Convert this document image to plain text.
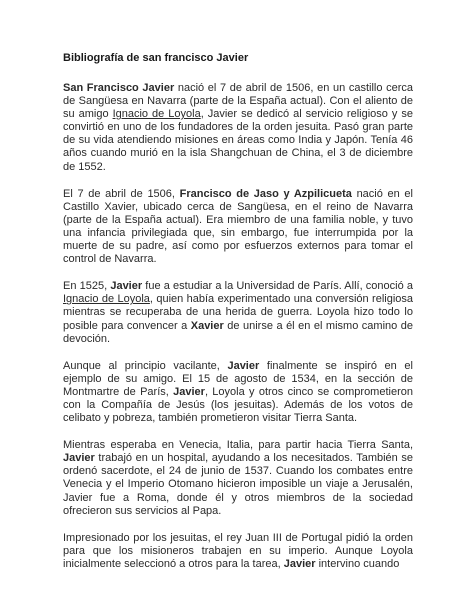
Bibliografía de san francisco Javier

San Francisco Javier nació el 7 de abril de 1506, en un castillo cerca de Sangüesa en Navarra (parte de la España actual). Con el aliento de su amigo Ignacio de Loyola, Javier se dedicó al servicio religioso y se convirtió en uno de los fundadores de la orden jesuita. Pasó gran parte de su vida atendiendo misiones en áreas como India y Japón. Tenía 46 años cuando murió en la isla Shangchuan de China, el 3 de diciembre de 1552.

El 7 de abril de 1506, Francisco de Jaso y Azpilicueta nació en el Castillo Xavier, ubicado cerca de Sangüesa, en el reino de Navarra (parte de la España actual). Era miembro de una familia noble, y tuvo una infancia privilegiada que, sin embargo, fue interrumpida por la muerte de su padre, así como por esfuerzos externos para tomar el control de Navarra.

En 1525, Javier fue a estudiar a la Universidad de París. Allí, conoció a Ignacio de Loyola, quien había experimentado una conversión religiosa mientras se recuperaba de una herida de guerra. Loyola hizo todo lo posible para convencer a Xavier de unirse a él en el mismo camino de devoción.

Aunque al principio vacilante, Javier finalmente se inspiró en el ejemplo de su amigo. El 15 de agosto de 1534, en la sección de Montmartre de París, Javier, Loyola y otros cinco se comprometieron con la Compañía de Jesús (los jesuitas). Además de los votos de celibato y pobreza, también prometieron visitar Tierra Santa.

Mientras esperaba en Venecia, Italia, para partir hacia Tierra Santa, Javier trabajó en un hospital, ayudando a los necesitados. También se ordenó sacerdote, el 24 de junio de 1537. Cuando los combates entre Venecia y el Imperio Otomano hicieron imposible un viaje a Jerusalén, Javier fue a Roma, donde él y otros miembros de la sociedad ofrecieron sus servicios al Papa.

Impresionado por los jesuitas, el rey Juan III de Portugal pidió la orden para que los misioneros trabajen en su imperio. Aunque Loyola inicialmente seleccionó a otros para la tarea, Javier intervino cuando
